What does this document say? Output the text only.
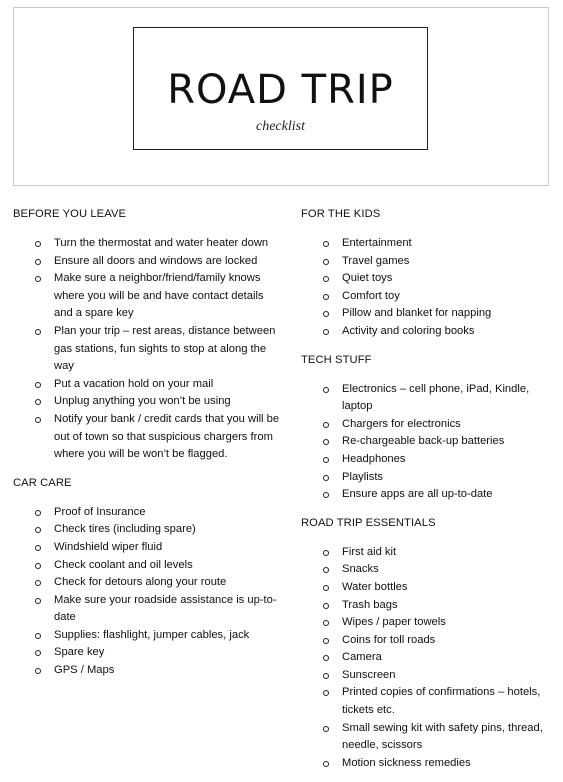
ROAD TRIP
checklist
BEFORE YOU LEAVE
Turn the thermostat and water heater down
Ensure all doors and windows are locked
Make sure a neighbor/friend/family knows where you will be and have contact details and a spare key
Plan your trip – rest areas, distance between gas stations, fun sights to stop at along the way
Put a vacation hold on your mail
Unplug anything you won’t be using
Notify your bank / credit cards that you will be out of town so that suspicious chargers from where you will be won’t be flagged.
CAR CARE
Proof of Insurance
Check tires (including spare)
Windshield wiper fluid
Check coolant and oil levels
Check for detours along your route
Make sure your roadside assistance is up-to-date
Supplies: flashlight, jumper cables, jack
Spare key
GPS / Maps
FOR THE KIDS
Entertainment
Travel games
Quiet toys
Comfort toy
Pillow and blanket for napping
Activity and coloring books
TECH STUFF
Electronics – cell phone, iPad, Kindle, laptop
Chargers for electronics
Re-chargeable back-up batteries
Headphones
Playlists
Ensure apps are all up-to-date
ROAD TRIP ESSENTIALS
First aid kit
Snacks
Water bottles
Trash bags
Wipes / paper towels
Coins for toll roads
Camera
Sunscreen
Printed copies of confirmations – hotels, tickets etc.
Small sewing kit with safety pins, thread, needle, scissors
Motion sickness remedies
